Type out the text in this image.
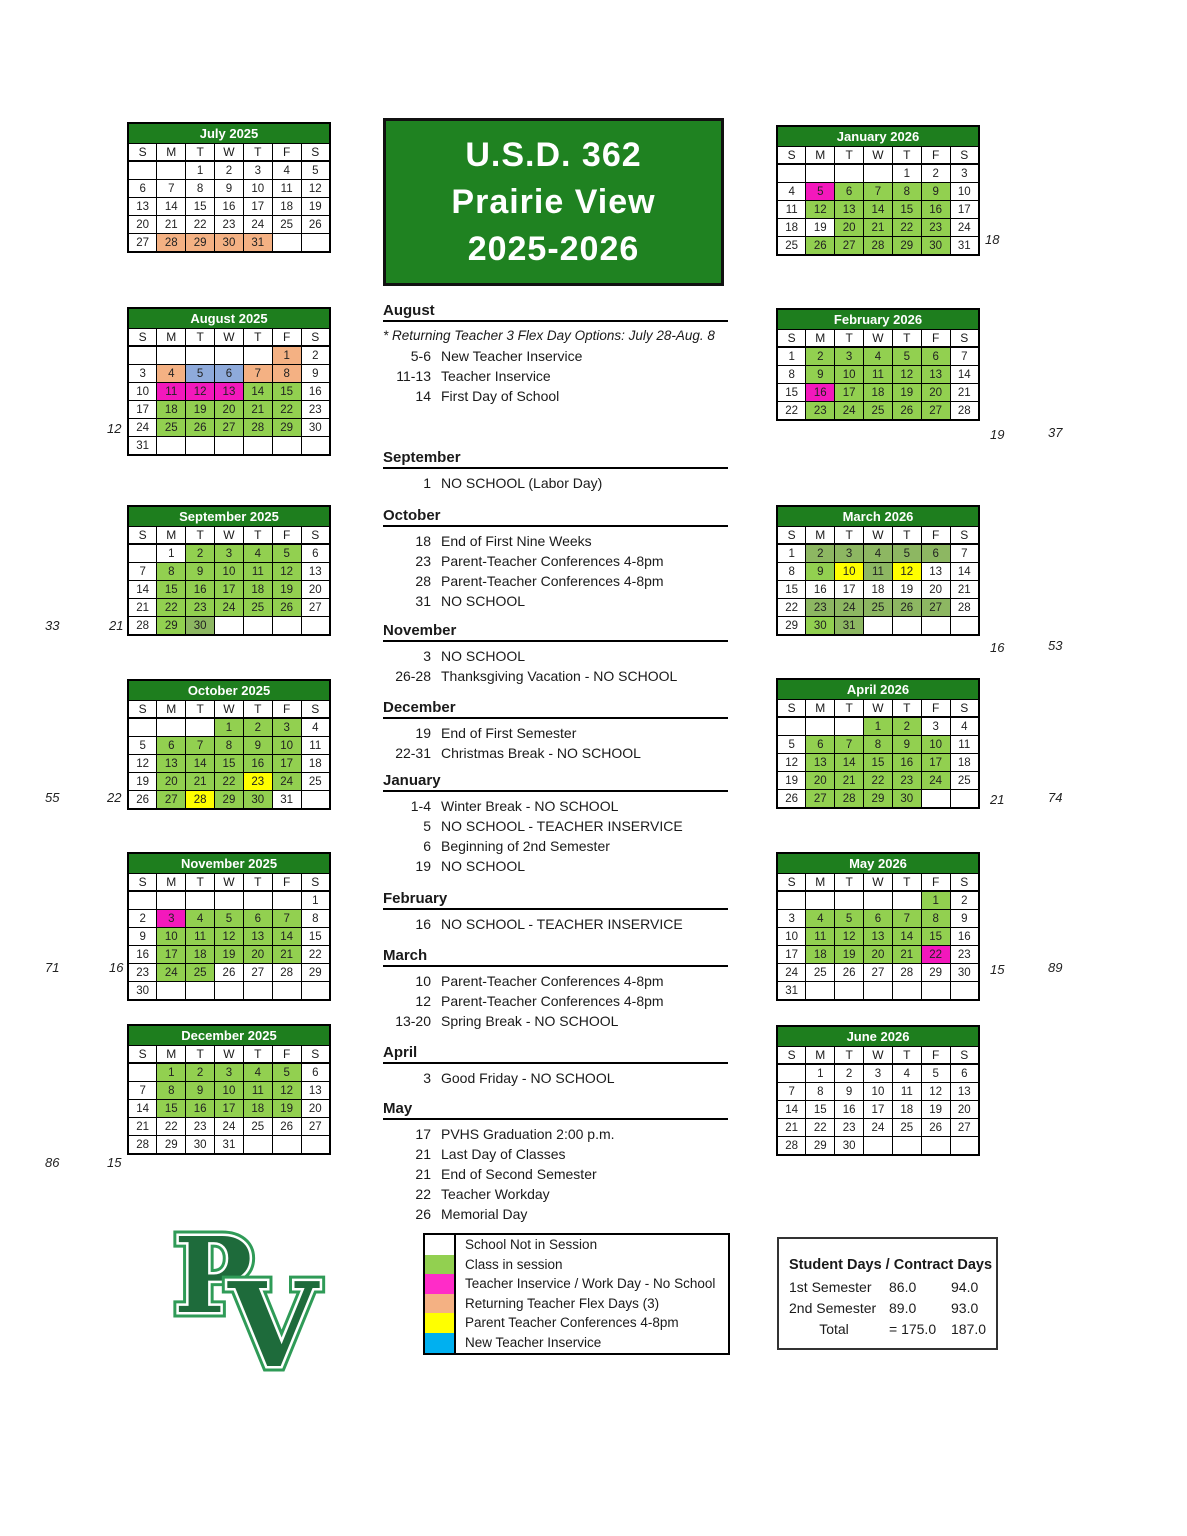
U.S.D. 362
Prairie View
2025-2026
July 2025						
S	M	T	W	T	F	S
		1	2	3	4	5
6	7	8	9	10	11	12
13	14	15	16	17	18	19
20	21	22	23	24	25	26
27	28	29	30	31		
August 2025						
S	M	T	W	T	F	S
					1	2
3	4	5	6	7	8	9
10	11	12	13	14	15	16
17	18	19	20	21	22	23
24	25	26	27	28	29	30
31						
September 2025						
S	M	T	W	T	F	S
	1	2	3	4	5	6
7	8	9	10	11	12	13
14	15	16	17	18	19	20
21	22	23	24	25	26	27
28	29	30				
October 2025						
S	M	T	W	T	F	S
			1	2	3	4
5	6	7	8	9	10	11
12	13	14	15	16	17	18
19	20	21	22	23	24	25
26	27	28	29	30	31	
November 2025						
S	M	T	W	T	F	S
						1
2	3	4	5	6	7	8
9	10	11	12	13	14	15
16	17	18	19	20	21	22
23	24	25	26	27	28	29
30						
December 2025						
S	M	T	W	T	F	S
	1	2	3	4	5	6
7	8	9	10	11	12	13
14	15	16	17	18	19	20
21	22	23	24	25	26	27
28	29	30	31			
January 2026						
S	M	T	W	T	F	S
				1	2	3
4	5	6	7	8	9	10
11	12	13	14	15	16	17
18	19	20	21	22	23	24
25	26	27	28	29	30	31
February 2026						
S	M	T	W	T	F	S
1	2	3	4	5	6	7
8	9	10	11	12	13	14
15	16	17	18	19	20	21
22	23	24	25	26	27	28
March 2026						
S	M	T	W	T	F	S
1	2	3	4	5	6	7
8	9	10	11	12	13	14
15	16	17	18	19	20	21
22	23	24	25	26	27	28
29	30	31				
April 2026						
S	M	T	W	T	F	S
			1	2	3	4
5	6	7	8	9	10	11
12	13	14	15	16	17	18
19	20	21	22	23	24	25
26	27	28	29	30		
May 2026						
S	M	T	W	T	F	S
					1	2
3	4	5	6	7	8	9
10	11	12	13	14	15	16
17	18	19	20	21	22	23
24	25	26	27	28	29	30
31						
June 2026						
S	M	T	W	T	F	S
	1	2	3	4	5	6
7	8	9	10	11	12	13
14	15	16	17	18	19	20
21	22	23	24	25	26	27
28	29	30				
August
* Returning Teacher 3 Flex Day Options: July 28-Aug. 8
5-6 New Teacher Inservice
11-13 Teacher Inservice
14 First Day of School
September
1 NO SCHOOL (Labor Day)
October
18 End of First Nine Weeks
23 Parent-Teacher Conferences 4-8pm
28 Parent-Teacher Conferences 4-8pm
31 NO SCHOOL
November
3 NO SCHOOL
26-28 Thanksgiving Vacation - NO SCHOOL
December
19 End of First Semester
22-31 Christmas Break - NO SCHOOL
January
1-4 Winter Break - NO SCHOOL
5 NO SCHOOL - TEACHER INSERVICE
6 Beginning of 2nd Semester
19 NO SCHOOL
February
16 NO SCHOOL - TEACHER INSERVICE
March
10 Parent-Teacher Conferences 4-8pm
12 Parent-Teacher Conferences 4-8pm
13-20 Spring Break - NO SCHOOL
April
3 Good Friday - NO SCHOOL
May
17 PVHS Graduation 2:00 p.m.
21 Last Day of Classes
21 End of Second Semester
22 Teacher Workday
26 Memorial Day
12
33	21
55	22
71	16
86	15
18
19	37
16	53
21	74
15	89
School Not in Session
Class in session
Teacher Inservice / Work Day - No School
Returning Teacher Flex Days (3)
Parent Teacher Conferences 4-8pm
New Teacher Inservice
Student Days / Contract Days
1st Semester	86.0	94.0
2nd Semester 89.0	93.0
Total	= 175.0	187.0
P P
V V
